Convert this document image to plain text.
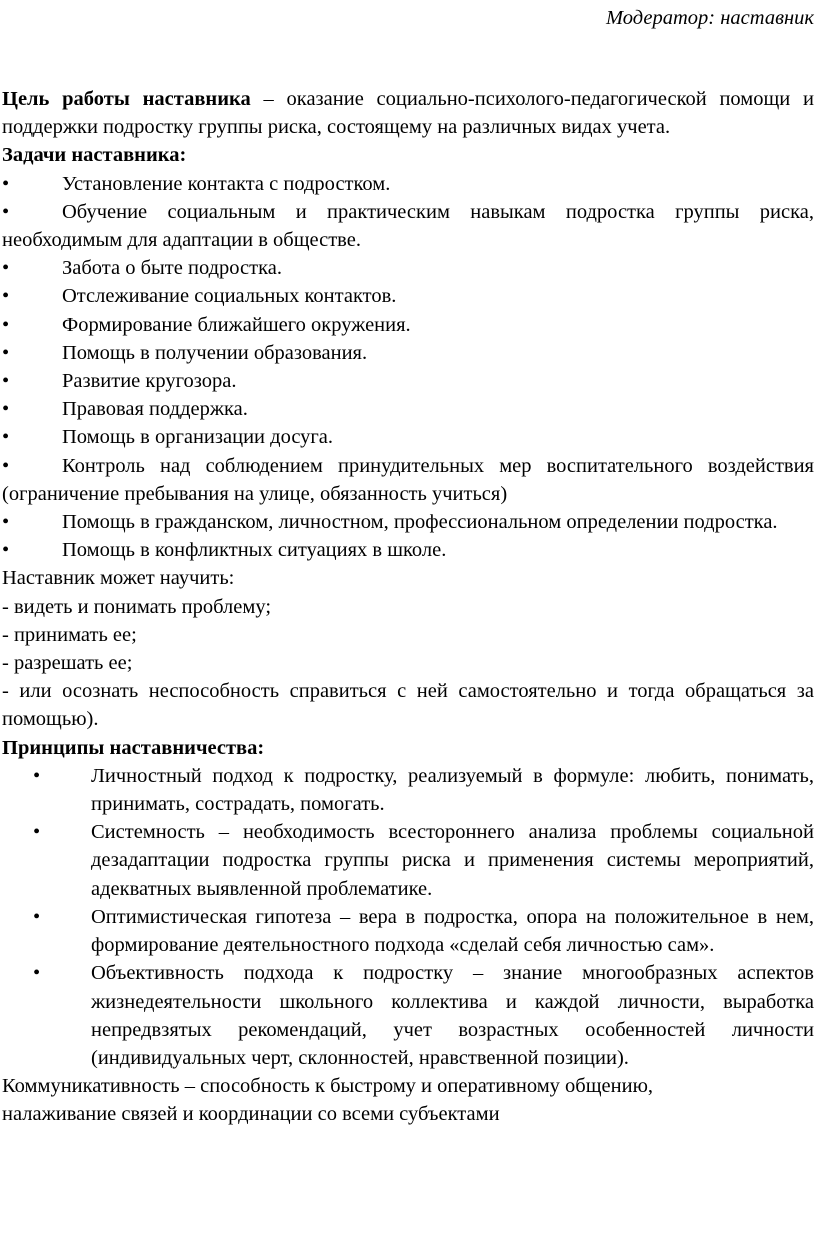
Модератор: наставник

Цель работы наставника – оказание социально-психолого-педагогической помощи и поддержки подростку группы риска, состоящему на различных видах учета.

Задачи наставника:

•	Установление контакта с подростком.
•	Обучение социальным и практическим навыкам подростка группы риска, необходимым для адаптации в обществе.
•	Забота о быте подростка.
•	Отслеживание социальных контактов.
•	Формирование ближайшего окружения.
•	Помощь в получении образования.
•	Развитие кругозора.
•	Правовая поддержка.
•	Помощь в организации досуга.
•	Контроль над соблюдением принудительных мер воспитательного воздействия (ограничение пребывания на улице, обязанность учиться)
•	Помощь в гражданском, личностном, профессиональном определении подростка.
•	Помощь в конфликтных ситуациях в школе.

Наставник может научить:

- видеть и понимать проблему;

- принимать ее;

- разрешать ее;

- или осознать неспособность справиться с ней самостоятельно и тогда обращаться за помощью).

Принципы наставничества:

• Личностный подход к подростку, реализуемый в формуле: любить, понимать, принимать, сострадать, помогать.
• Системность – необходимость всестороннего анализа проблемы социальной дезадаптации подростка группы риска и применения системы мероприятий, адекватных выявленной проблематике.
• Оптимистическая гипотеза – вера в подростка, опора на положительное в нем, формирование деятельностного подхода «сделай себя личностью сам».
• Объективность подхода к подростку – знание многообразных аспектов жизнедеятельности школьного коллектива и каждой личности, выработка непредвзятых рекомендаций, учет возрастных особенностей личности (индивидуальных черт, склонностей, нравственной позиции).

Коммуникативность – способность к быстрому и оперативному общению,

налаживание связей и координации со всеми субъектами
